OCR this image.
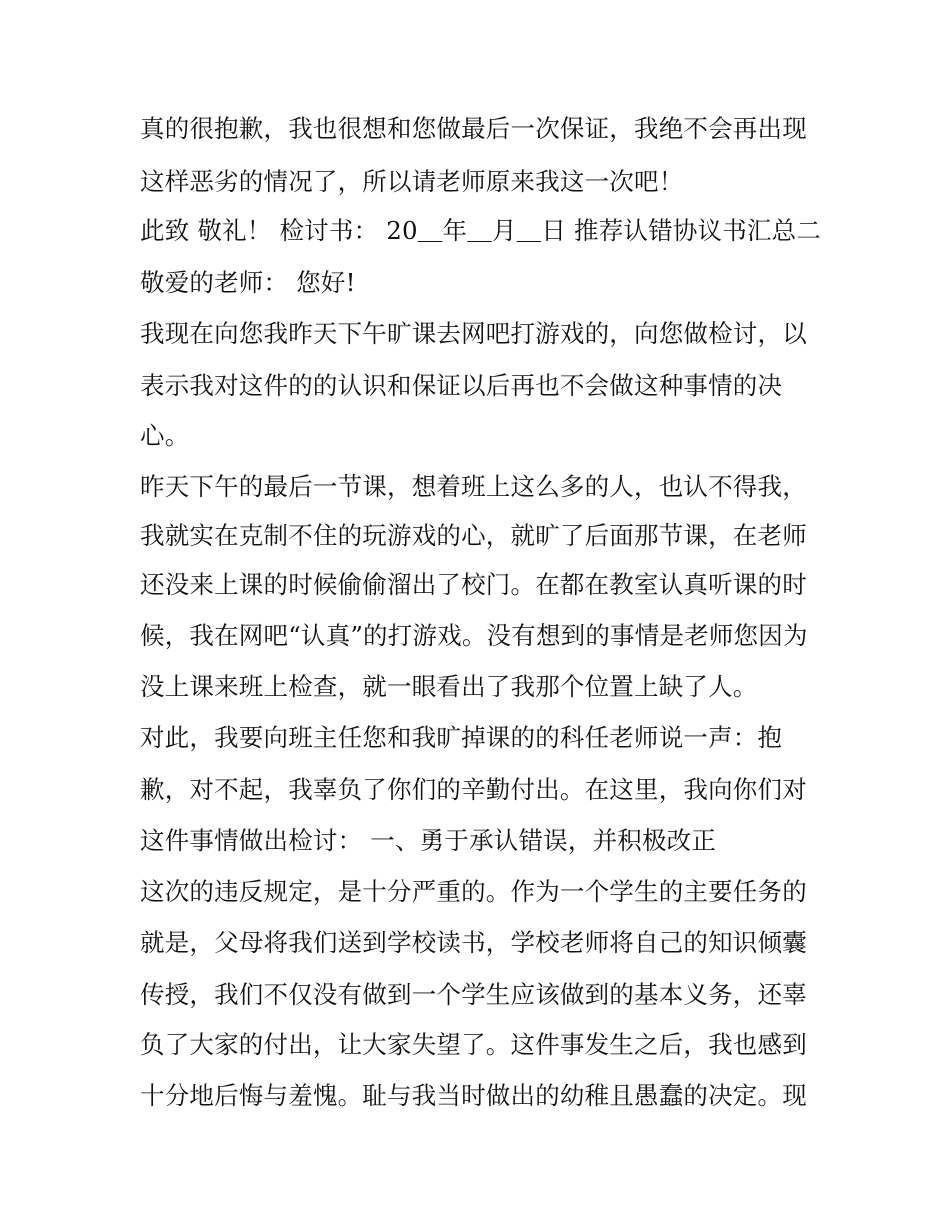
真的很抱歉，我也很想和您做最后一次保证，我绝不会再出现
这样恶劣的情况了，所以请老师原来我这一次吧！
此致 敬礼！ 检讨书： 20＿年＿月＿日 推荐认错协议书汇总二
敬爱的老师： 您好!
我现在向您我昨天下午旷课去网吧打游戏的，向您做检讨，以
表示我对这件的的认识和保证以后再也不会做这种事情的决
心。
昨天下午的最后一节课，想着班上这么多的人，也认不得我，
我就实在克制不住的玩游戏的心，就旷了后面那节课，在老师
还没来上课的时候偷偷溜出了校门。在都在教室认真听课的时
候，我在网吧“认真”的打游戏。没有想到的事情是老师您因为
没上课来班上检查，就一眼看出了我那个位置上缺了人。
对此，我要向班主任您和我旷掉课的的科任老师说一声：抱
歉，对不起，我辜负了你们的辛勤付出。在这里，我向你们对
这件事情做出检讨： 一、勇于承认错误，并积极改正
这次的违反规定，是十分严重的。作为一个学生的主要任务的
就是，父母将我们送到学校读书，学校老师将自己的知识倾囊
传授，我们不仅没有做到一个学生应该做到的基本义务，还辜
负了大家的付出，让大家失望了。这件事发生之后，我也感到
十分地后悔与羞愧。耻与我当时做出的幼稚且愚蠢的决定。现
